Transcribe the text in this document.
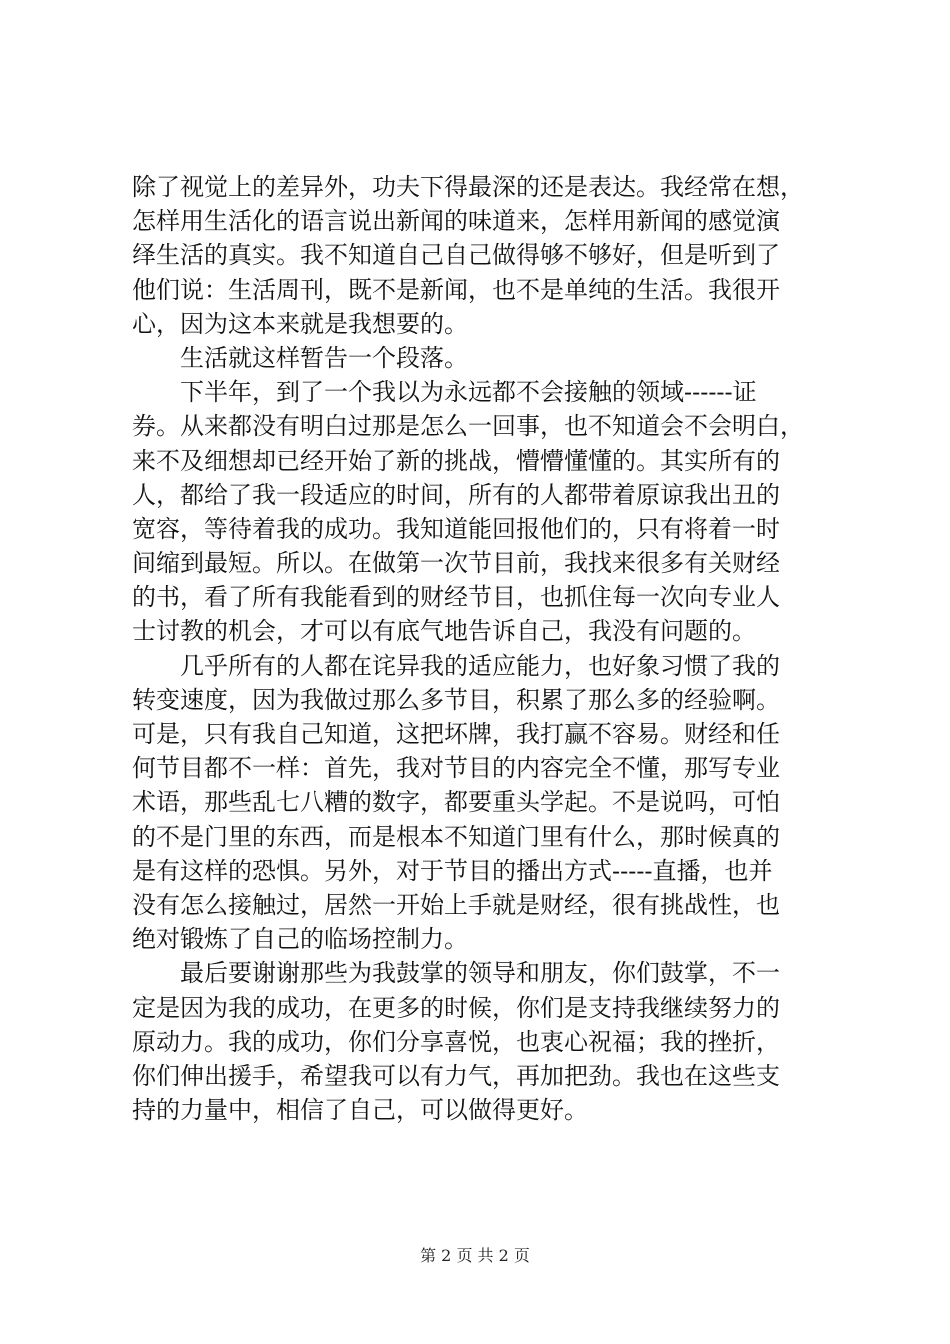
除了视觉上的差异外，功夫下得最深的还是表达。我经常在想，
怎样用生活化的语言说出新闻的味道来，怎样用新闻的感觉演
绎生活的真实。我不知道自己自己做得够不够好，但是听到了
他们说：生活周刊，既不是新闻，也不是单纯的生活。我很开
心，因为这本来就是我想要的。
生活就这样暂告一个段落。
下半年，到了一个我以为永远都不会接触的领域------证
券。从来都没有明白过那是怎么一回事，也不知道会不会明白，
来不及细想却已经开始了新的挑战，懵懵懂懂的。其实所有的
人，都给了我一段适应的时间，所有的人都带着原谅我出丑的
宽容，等待着我的成功。我知道能回报他们的，只有将着一时
间缩到最短。所以。在做第一次节目前，我找来很多有关财经
的书，看了所有我能看到的财经节目，也抓住每一次向专业人
士讨教的机会，才可以有底气地告诉自己，我没有问题的。
几乎所有的人都在诧异我的适应能力，也好象习惯了我的
转变速度，因为我做过那么多节目，积累了那么多的经验啊。
可是，只有我自己知道，这把坏牌，我打赢不容易。财经和任
何节目都不一样：首先，我对节目的内容完全不懂，那写专业
术语，那些乱七八糟的数字，都要重头学起。不是说吗，可怕
的不是门里的东西，而是根本不知道门里有什么，那时候真的
是有这样的恐惧。另外，对于节目的播出方式-----直播，也并
没有怎么接触过，居然一开始上手就是财经，很有挑战性，也
绝对锻炼了自己的临场控制力。
最后要谢谢那些为我鼓掌的领导和朋友，你们鼓掌，不一
定是因为我的成功，在更多的时候，你们是支持我继续努力的
原动力。我的成功，你们分享喜悦，也衷心祝福；我的挫折，
你们伸出援手，希望我可以有力气，再加把劲。我也在这些支
持的力量中，相信了自己，可以做得更好。
第 2 页 共 2 页
